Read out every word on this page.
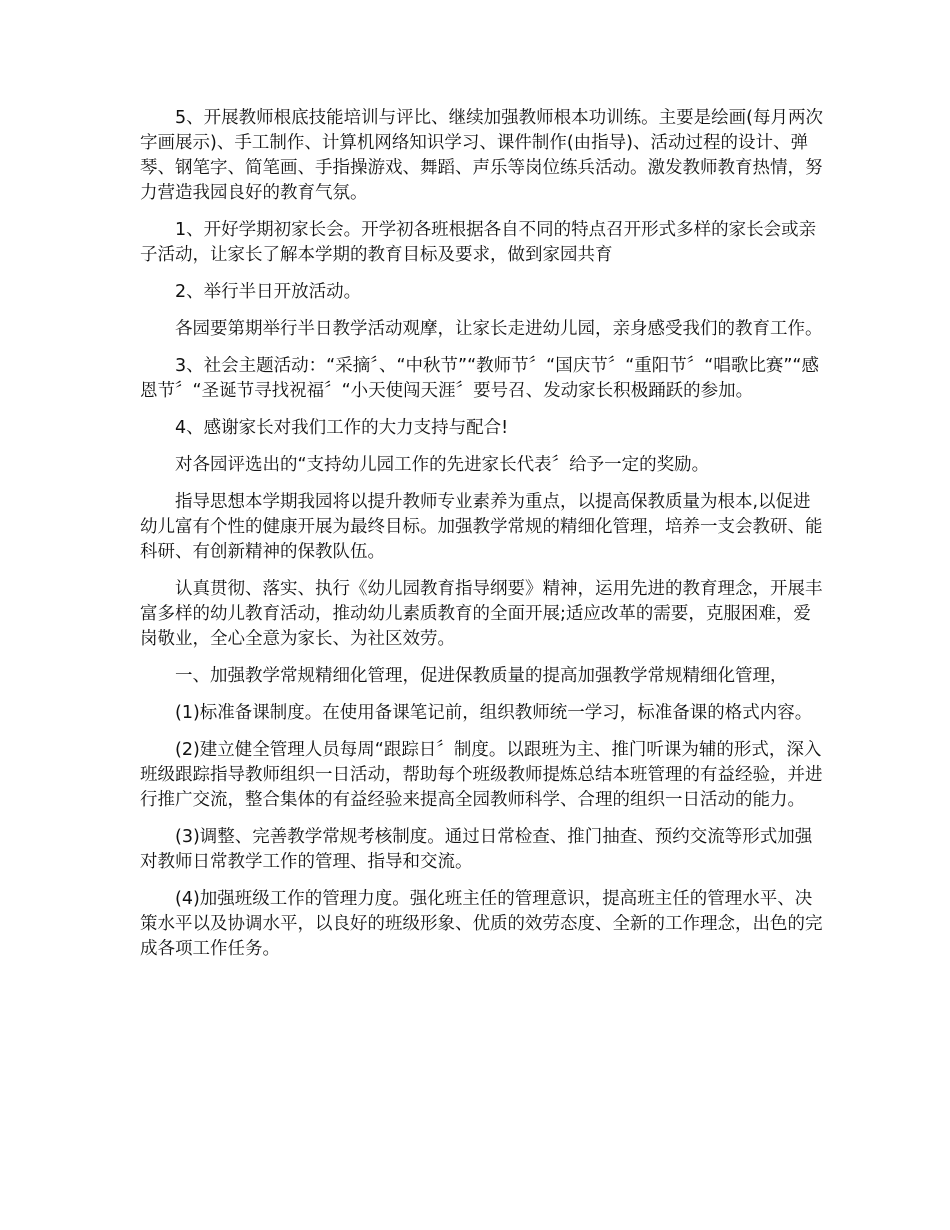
5、开展教师根底技能培训与评比、继续加强教师根本功训练。主要是绘画(每月两次字画展示)、手工制作、计算机网络知识学习、课件制作(由指导)、活动过程的设计、弹琴、钢笔字、简笔画、手指操游戏、舞蹈、声乐等岗位练兵活动。激发教师教育热情，努力营造我园良好的教育气氛。

1、开好学期初家长会。开学初各班根据各自不同的特点召开形式多样的家长会或亲子活动，让家长了解本学期的教育目标及要求，做到家园共育

2、举行半日开放活动。

各园要第期举行半日教学活动观摩，让家长走进幼儿园，亲身感受我们的教育工作。

3、社会主题活动：“采摘〞、“中秋节”“教师节〞“国庆节〞“重阳节〞“唱歌比赛”“感恩节〞“圣诞节寻找祝福〞“小天使闯天涯〞要号召、发动家长积极踊跃的参加。

4、感谢家长对我们工作的大力支持与配合!

对各园评选出的“支持幼儿园工作的先进家长代表〞给予一定的奖励。

指导思想本学期我园将以提升教师专业素养为重点，以提高保教质量为根本,以促进幼儿富有个性的健康开展为最终目标。加强教学常规的精细化管理，培养一支会教研、能科研、有创新精神的保教队伍。

认真贯彻、落实、执行《幼儿园教育指导纲要》精神，运用先进的教育理念，开展丰富多样的幼儿教育活动，推动幼儿素质教育的全面开展;适应改革的需要，克服困难，爱岗敬业，全心全意为家长、为社区效劳。

一、加强教学常规精细化管理，促进保教质量的提高加强教学常规精细化管理，

(1)标准备课制度。在使用备课笔记前，组织教师统一学习，标准备课的格式内容。

(2)建立健全管理人员每周“跟踪日〞制度。以跟班为主、推门听课为辅的形式，深入班级跟踪指导教师组织一日活动，帮助每个班级教师提炼总结本班管理的有益经验，并进行推广交流，整合集体的有益经验来提高全园教师科学、合理的组织一日活动的能力。

(3)调整、完善教学常规考核制度。通过日常检查、推门抽查、预约交流等形式加强对教师日常教学工作的管理、指导和交流。

(4)加强班级工作的管理力度。强化班主任的管理意识，提高班主任的管理水平、决策水平以及协调水平，以良好的班级形象、优质的效劳态度、全新的工作理念，出色的完成各项工作任务。
